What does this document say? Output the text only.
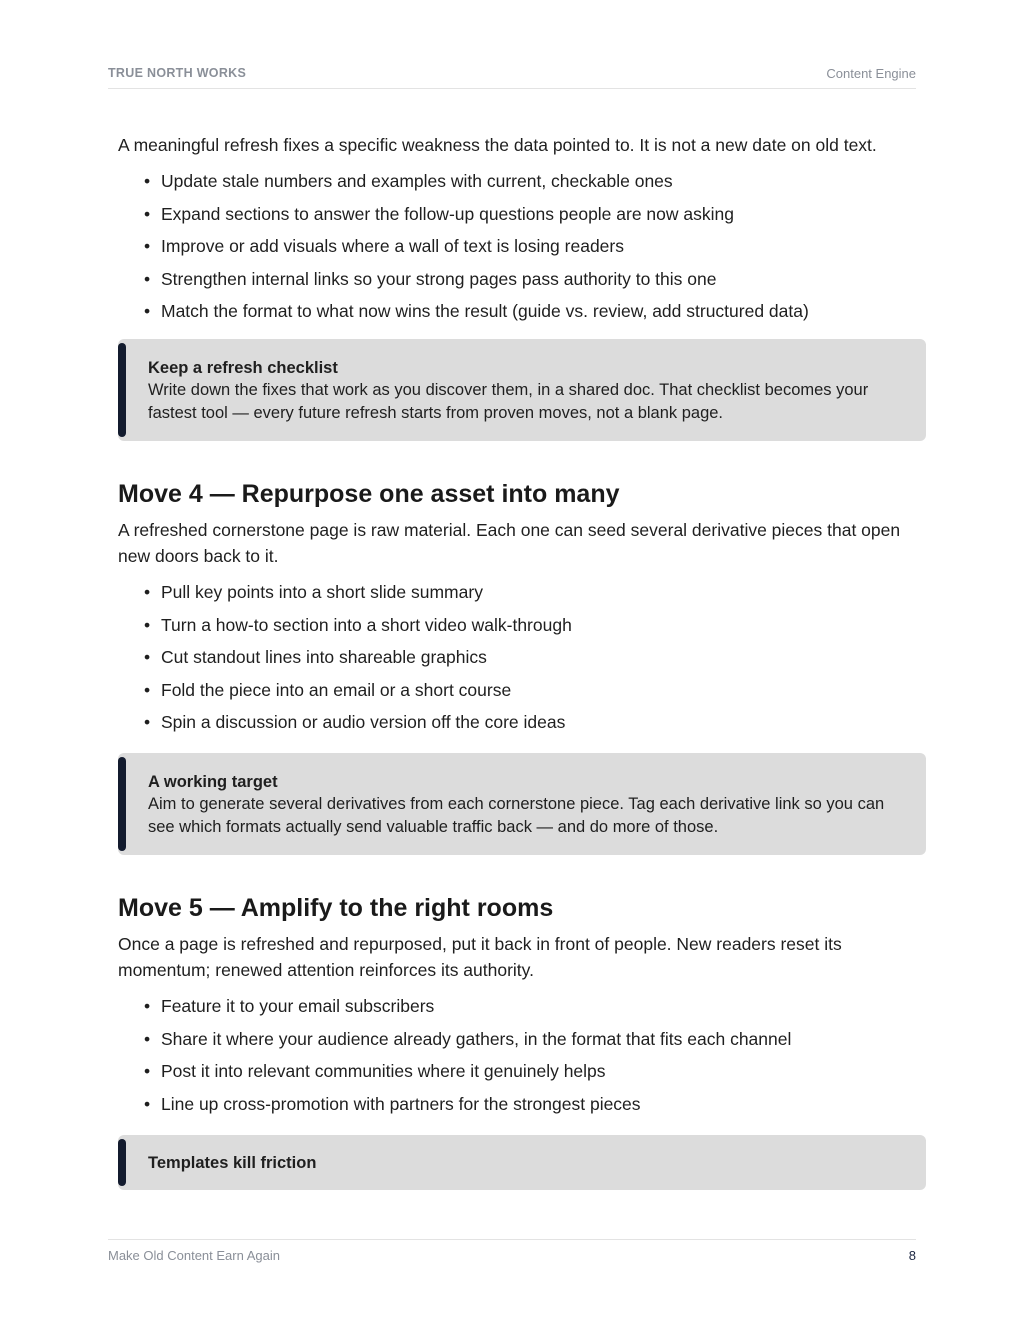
TRUE NORTH WORKS	Content Engine

A meaningful refresh fixes a specific weakness the data pointed to. It is not a new date on old text.

• Update stale numbers and examples with current, checkable ones
• Expand sections to answer the follow-up questions people are now asking
• Improve or add visuals where a wall of text is losing readers
• Strengthen internal links so your strong pages pass authority to this one
• Match the format to what now wins the result (guide vs. review, add structured data)
Keep a refresh checklist
Write down the fixes that work as you discover them, in a shared doc. That checklist becomes your fastest tool — every future refresh starts from proven moves, not a blank page.
Move 4 — Repurpose one asset into many

A refreshed cornerstone page is raw material. Each one can seed several derivative pieces that open new doors back to it.

• Pull key points into a short slide summary
• Turn a how-to section into a short video walk-through
• Cut standout lines into shareable graphics
• Fold the piece into an email or a short course
• Spin a discussion or audio version off the core ideas
A working target
Aim to generate several derivatives from each cornerstone piece. Tag each derivative link so you can see which formats actually send valuable traffic back — and do more of those.
Move 5 — Amplify to the right rooms

Once a page is refreshed and repurposed, put it back in front of people. New readers reset its momentum; renewed attention reinforces its authority.

• Feature it to your email subscribers
• Share it where your audience already gathers, in the format that fits each channel
• Post it into relevant communities where it genuinely helps
• Line up cross-promotion with partners for the strongest pieces
Templates kill friction
Make Old Content Earn Again	8
